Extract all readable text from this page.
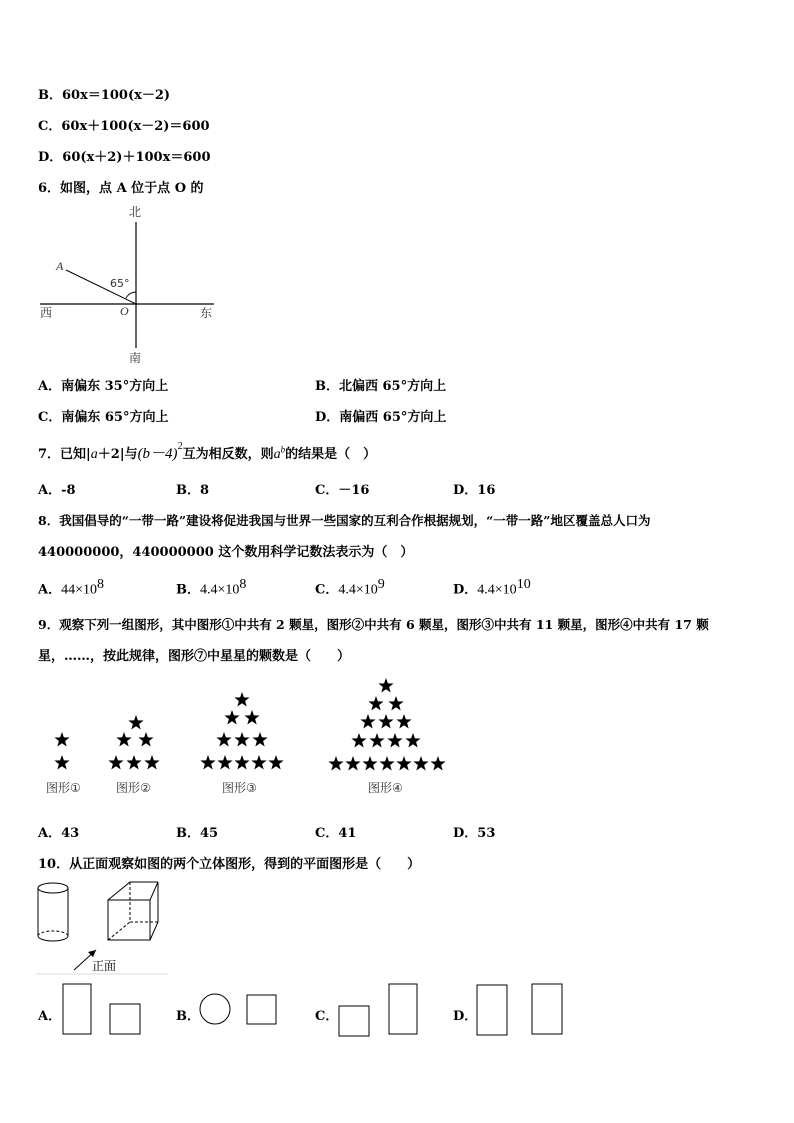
B．60x＝100(x－2)
C．60x＋100(x－2)＝600
D．60(x＋2)＋100x＝600
6．如图，点 A 位于点 O 的
北
南
西	东
A
O
65°
A．南偏东 35°方向上	B．北偏西 65°方向上
C．南偏东 65°方向上	D．南偏西 65°方向上
7．已知|a＋2|与$(b-4)^2$互为相反数，则$a^b$的结果是（　）
A．-8	B．8	C．－16	D．16
8．我国倡导的“一带一路”建设将促进我国与世界一些国家的互利合作根据规划，“一带一路”地区覆盖总人口为
440000000，440000000 这个数用科学记数法表示为（　）
A．$44\times 10^8$	B．$4.4\times 10^8$	C．$4.4\times 10^9$	D．$4.4\times 10^{10}$
9．观察下列一组图形，其中图形①中共有 2 颗星，图形②中共有 6 颗星，图形③中共有 11 颗星，图形④中共有 17 颗
星，……，按此规律，图形⑦中星星的颗数是（　　）
图形①	图形②	图形③	图形④
A．43	B．45	C．41	D．53
10．从正面观察如图的两个立体图形，得到的平面图形是（　　）
正面
A．	B．	C．	D．
